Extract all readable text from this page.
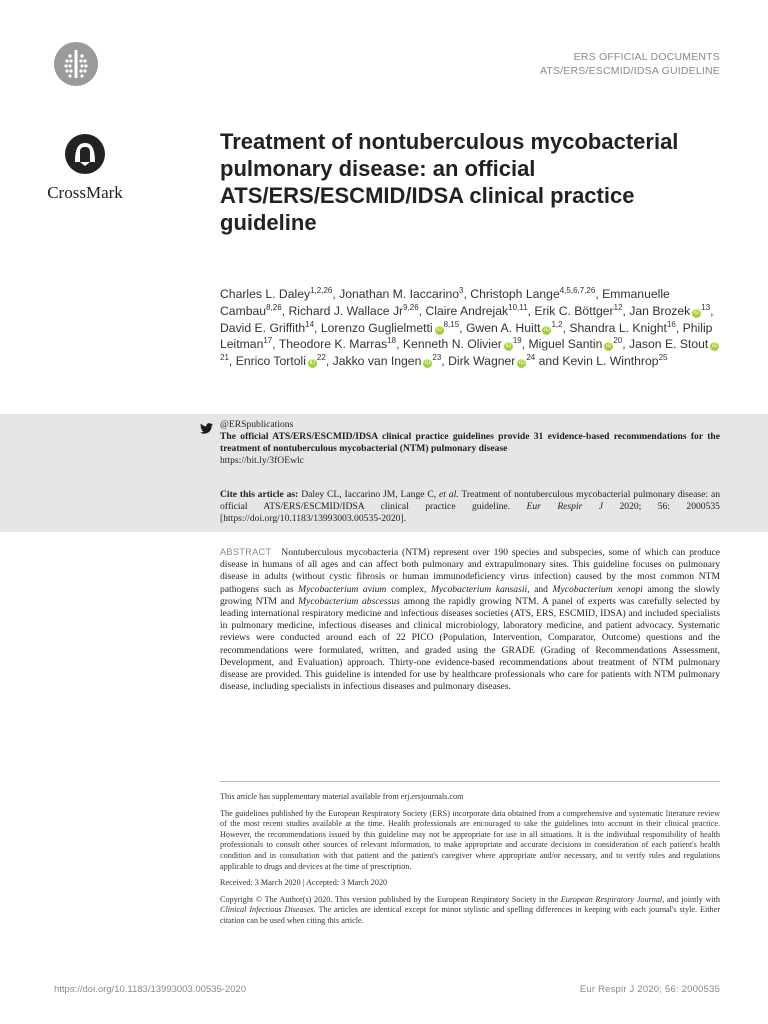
ERS OFFICIAL DOCUMENTS
ATS/ERS/ESCMID/IDSA GUIDELINE
CrossMark
Treatment of nontuberculous mycobacterial pulmonary disease: an official ATS/ERS/ESCMID/IDSA clinical practice guideline
Charles L. Daley$^{1,2,26}$, Jonathan M. Iaccarino$^3$, Christoph Lange$^{4,5,6,7,26}$, Emmanuelle Cambau$^{8,26}$, Richard J. Wallace Jr$^{9,26}$, Claire Andrejak$^{10,11}$, Erik C. Böttger$^{12}$, Jan Brozek $iD^{13}$, David E. Griffith$^{14}$, Lorenzo Guglielmetti iD$^{8,15}$, Gwen A. Huitt iD$^{1,2}$, Shandra L. Knight$^{16}$, Philip Leitman$^{17}$, Theodore K. Marras$^{18}$, Kenneth N. Olivier $iD^{19}$, Miguel Santin $iD^{20}$, Jason E. Stout $iD^{21}$, Enrico Tortoli $iD^{22}$, Jakko van Ingen $iD^{23}$, Dirk Wagner $iD^{24}$ and Kevin L. Winthrop$^{25}$
@ERSpublications
The official ATS/ERS/ESCMID/IDSA clinical practice guidelines provide 31 evidence-based recommendations for the treatment of nontuberculous mycobacterial (NTM) pulmonary disease
https://bit.ly/3fOEwlc
Cite this article as: Daley CL, Iaccarino JM, Lange C, et al. Treatment of nontuberculous mycobacterial pulmonary disease: an official ATS/ERS/ESCMID/IDSA clinical practice guideline. Eur Respir J 2020; 56: 2000535 [https://doi.org/10.1183/13993003.00535-2020].
ABSTRACT Nontuberculous mycobacteria (NTM) represent over 190 species and subspecies, some of which can produce disease in humans of all ages and can affect both pulmonary and extrapulmonary sites. This guideline focuses on pulmonary disease in adults (without cystic fibrosis or human immunodeficiency virus infection) caused by the most common NTM pathogens such as Mycobacterium avium complex, Mycobacterium kansasii, and Mycobacterium xenopi among the slowly growing NTM and Mycobacterium abscessus among the rapidly growing NTM. A panel of experts was carefully selected by leading international respiratory medicine and infectious diseases societies (ATS, ERS, ESCMID, IDSA) and included specialists in pulmonary medicine, infectious diseases and clinical microbiology, laboratory medicine, and patient advocacy. Systematic reviews were conducted around each of 22 PICO (Population, Intervention, Comparator, Outcome) questions and the recommendations were formulated, written, and graded using the GRADE (Grading of Recommendations Assessment, Development, and Evaluation) approach. Thirty-one evidence-based recommendations about treatment of NTM pulmonary disease are provided. This guideline is intended for use by healthcare professionals who care for patients with NTM pulmonary disease, including specialists in infectious diseases and pulmonary diseases.

This article has supplementary material available from erj.ersjournals.com

The guidelines published by the European Respiratory Society (ERS) incorporate data obtained from a comprehensive and systematic literature review of the most recent studies available at the time. Health professionals are encouraged to take the guidelines into account in their clinical practice. However, the recommendations issued by this guideline may not be appropriate for use in all situations. It is the individual responsibility of health professionals to consult other sources of relevant information, to make appropriate and accurate decisions in consideration of each patient's health condition and in consultation with that patient and the patient's caregiver where appropriate and/or necessary, and to verify rules and regulations applicable to drugs and devices at the time of prescription.

Received: 3 March 2020 | Accepted: 3 March 2020

Copyright © The Author(s) 2020. This version published by the European Respiratory Society in the European Respiratory Journal, and jointly with Clinical Infectious Diseases. The articles are identical except for minor stylistic and spelling differences in keeping with each journal's style. Either citation can be used when citing this article.

https://doi.org/10.1183/13993003.00535-2020	Eur Respir J 2020; 56: 2000535
